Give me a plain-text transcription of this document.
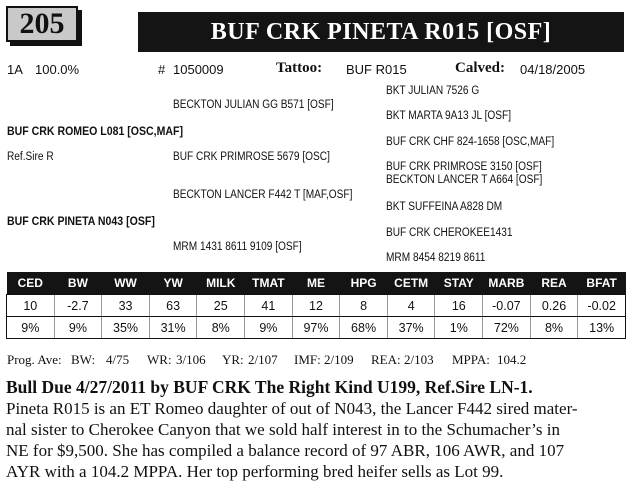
205	BUF CRK PINETA R015 [OSF]
1A 100.0%	# 1050009	Tattoo: BUF R015	Calved: 04/18/2005
BECKTON JULIAN GG B571 [OSF]
BUF CRK ROMEO L081 [OSC,MAF]
Ref.Sire R	BUF CRK PRIMROSE 5679 [OSC]
BECKTON LANCER F442 T [MAF,OSF]
BUF CRK PINETA N043 [OSF]
MRM 1431 8611 9109 [OSF]
BKT JULIAN 7526 G
BKT MARTA 9A13 JL [OSF]
BUF CRK CHF 824-1658 [OSC,MAF]
BUF CRK PRIMROSE 3150 [OSF]
BECKTON LANCER T A664 [OSF]
BKT SUFFEINA A828 DM
BUF CRK CHEROKEE1431
MRM 8454 8219 8611
CED	BW	WW	YW	MILK	TMAT	ME	HPG	CETM	STAY	MARB	REA	BFAT
10	-2.7	33	63	25	41	12	8	4	16	-0.07	0.26	-0.02
9%	9%	35%	31%	8%	9%	97%	68%	37%	1%	72%	8%	13%
Prog. Ave: BW: 4/75 WR: 3/106 YR: 2/107 IMF: 2/109 REA: 2/103 MPPA: 104.2
Bull Due 4/27/2011 by BUF CRK The Right Kind U199, Ref.Sire LN-1.
Pineta R015 is an ET Romeo daughter of out of N043, the Lancer F442 sired mater-
nal sister to Cherokee Canyon that we sold half interest in to the Schumacher’s in
NE for $9,500. She has compiled a balance record of 97 ABR, 106 AWR, and 107
AYR with a 104.2 MPPA. Her top performing bred heifer sells as Lot 99.
